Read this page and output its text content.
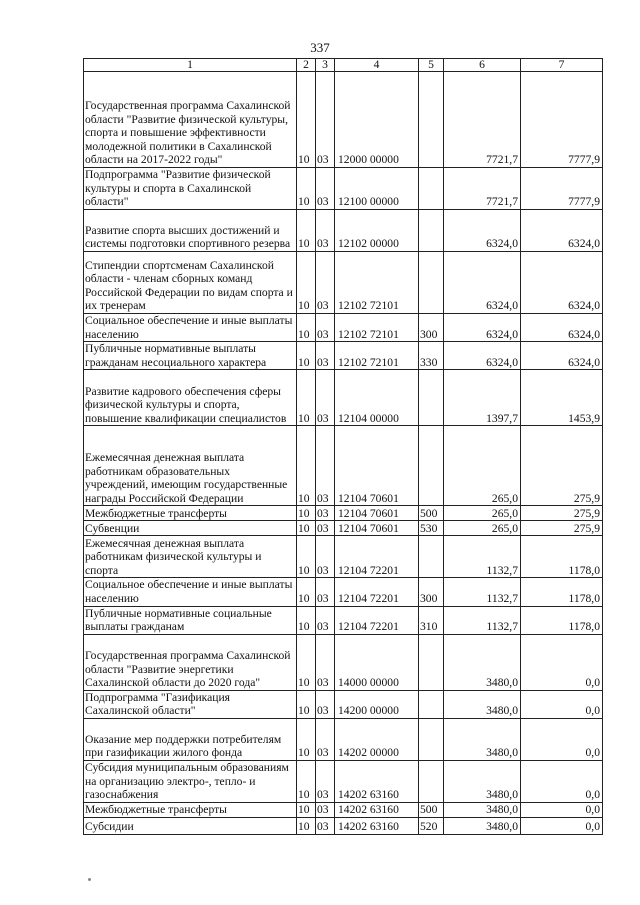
337
1	2	3	4	5	6	7
Государственная программа Сахалинской области "Развитие физической культуры, спорта и повышение эффективности молодежной политики в Сахалинской области на 2017-2022 годы"	10	03	12000 00000		7721,7	7777,9
Подпрограмма "Развитие физической культуры и спорта в Сахалинской области"	10	03	12100 00000		7721,7	7777,9
Развитие спорта высших достижений и системы подготовки спортивного резерва	10	03	12102 00000		6324,0	6324,0
Стипендии спортсменам Сахалинской области - членам сборных команд Российской Федерации по видам спорта и их тренерам	10	03	12102 72101		6324,0	6324,0
Социальное обеспечение и иные выплаты населению	10	03	12102 72101	300	6324,0	6324,0
Публичные нормативные выплаты гражданам несоциального характера	10	03	12102 72101	330	6324,0	6324,0
Развитие кадрового обеспечения сферы физической культуры и спорта, повышение квалификации специалистов	10	03	12104 00000		1397,7	1453,9
Ежемесячная денежная выплата работникам образовательных учреждений, имеющим государственные награды Российской Федерации	10	03	12104 70601		265,0	275,9
Межбюджетные трансферты	10	03	12104 70601	500	265,0	275,9
Субвенции	10	03	12104 70601	530	265,0	275,9
Ежемесячная денежная выплата работникам физической культуры и спорта	10	03	12104 72201		1132,7	1178,0
Социальное обеспечение и иные выплаты населению	10	03	12104 72201	300	1132,7	1178,0
Публичные нормативные социальные выплаты гражданам	10	03	12104 72201	310	1132,7	1178,0
Государственная программа Сахалинской области "Развитие энергетики Сахалинской области до 2020 года"	10	03	14000 00000		3480,0	0,0
Подпрограмма "Газификация Сахалинской области"	10	03	14200 00000		3480,0	0,0
Оказание мер поддержки потребителям при газификации жилого фонда	10	03	14202 00000		3480,0	0,0
Субсидия муниципальным образованиям на организацию электро-, тепло- и газоснабжения	10	03	14202 63160		3480,0	0,0
Межбюджетные трансферты	10	03	14202 63160	500	3480,0	0,0
Субсидии	10	03	14202 63160	520	3480,0	0,0
